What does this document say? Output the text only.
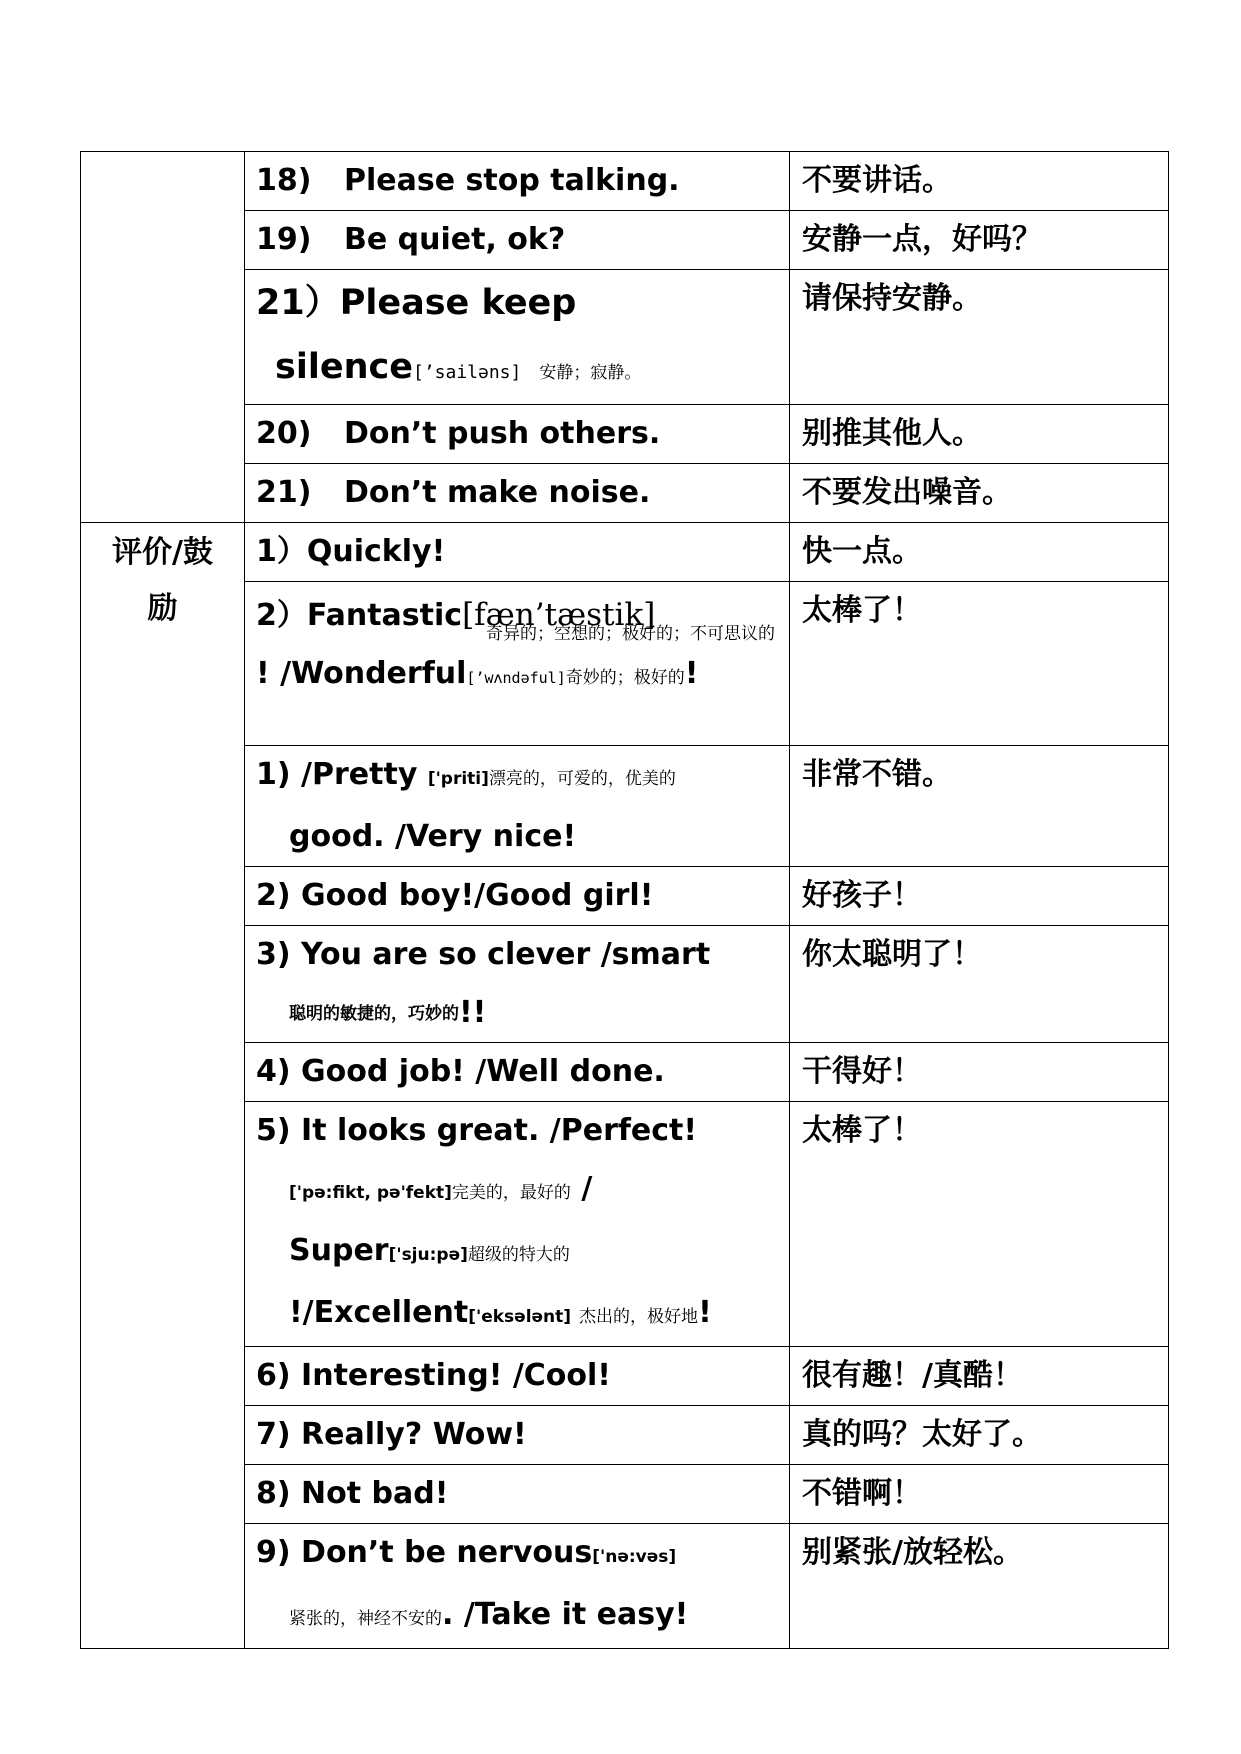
	18) Please stop talking.	不要讲话。

	19) Be quiet, ok?	安静一点，好吗？

	21）Please keep
silence[’sailəns] 安静；寂静。	请保持安静。

	20) Don’t push others.	别推其他人。

	21) Don’t make noise.	不要发出噪音。

评价/鼓励	1）Quickly!	快一点。

	2）Fantastic[fæn’tæstik]
奇异的；空想的；极好的；不可思议的
! /Wonderful[’wʌndəful]奇妙的；极好的!	太棒了！

	1) /Pretty ['priti]漂亮的，可爱的，优美的
good. /Very nice!	非常不错。

	2) Good boy!/Good girl!	好孩子！

	3) You are so clever /smart
聪明的敏捷的，巧妙的!!	你太聪明了！

	4) Good job! /Well done.	干得好！

	5) It looks great. /Perfect!
['pə:fikt, pə'fekt]完美的，最好的 /
Super['sju:pə]超级的特大的
!/Excellent['eksələnt] 杰出的，极好地!	太棒了！

	6) Interesting! /Cool!	很有趣！/真酷！

	7) Really? Wow!	真的吗？太好了。

	8) Not bad!	不错啊！

	9) Don’t be nervous['nə:vəs]
紧张的，神经不安的. /Take it easy!	别紧张/放轻松。
